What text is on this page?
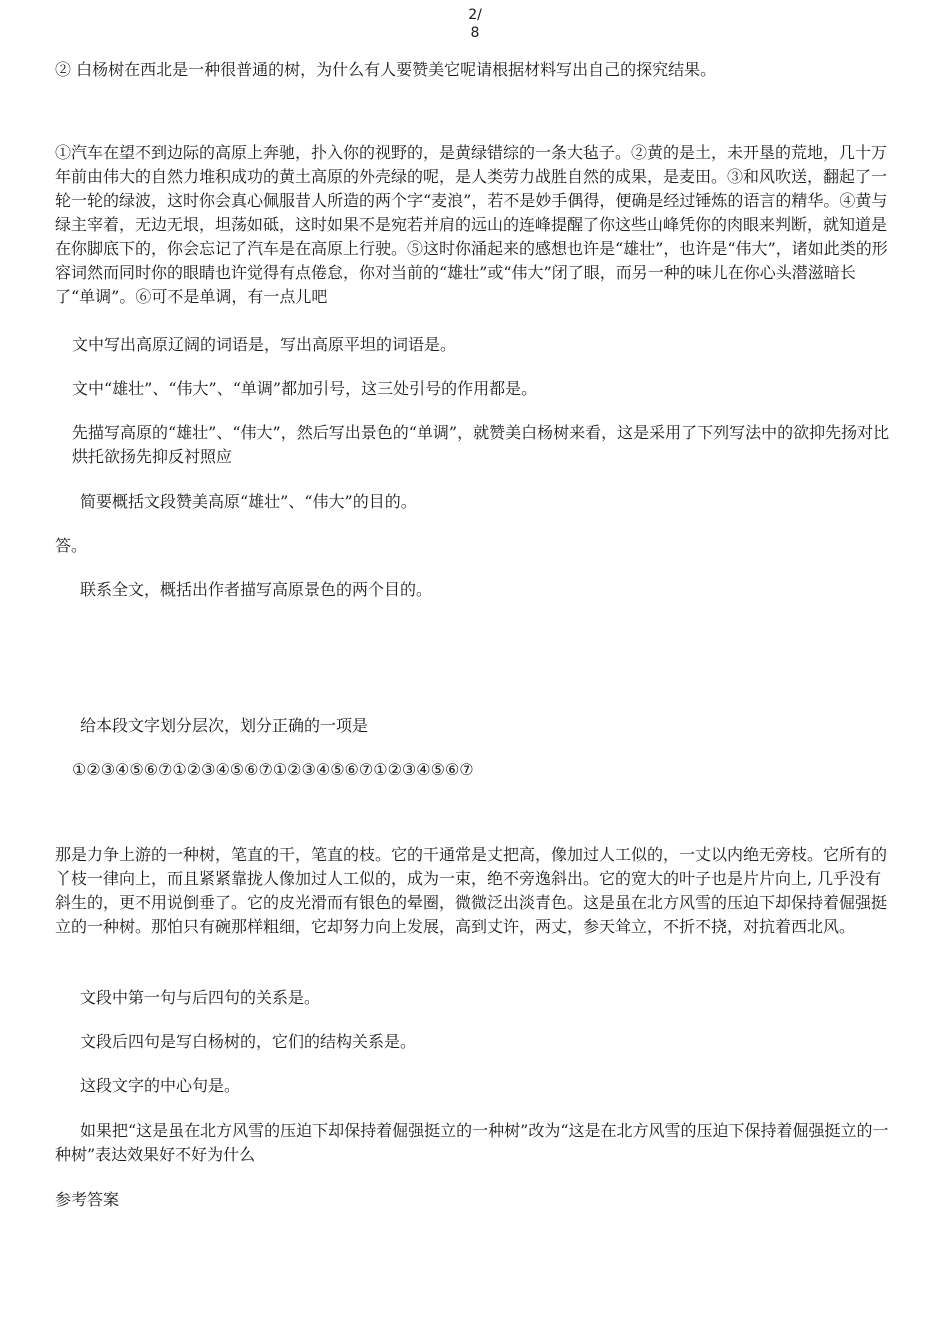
2/
8
② 白杨树在西北是一种很普通的树，为什么有人要赞美它呢请根据材料写出自己的探究结果。
①汽车在望不到边际的高原上奔驰，扑入你的视野的，是黄绿错综的一条大毡子。②黄的是土，未开垦的荒地，几十万年前由伟大的自然力堆积成功的黄土高原的外壳绿的呢，是人类劳力战胜自然的成果，是麦田。③和风吹送，翻起了一轮一轮的绿波，这时你会真心佩服昔人所造的两个字“麦浪”，若不是妙手偶得，便确是经过锤炼的语言的精华。④黄与绿主宰着，无边无垠，坦荡如砥，这时如果不是宛若并肩的远山的连峰提醒了你这些山峰凭你的肉眼来判断，就知道是在你脚底下的，你会忘记了汽车是在高原上行驶。⑤这时你涌起来的感想也许是“雄壮”，也许是“伟大”，诸如此类的形容词然而同时你的眼睛也许觉得有点倦怠，你对当前的“雄壮”或“伟大”闭了眼，而另一种的味儿在你心头潜滋暗长了“单调”。⑥可不是单调，有一点儿吧
文中写出高原辽阔的词语是，写出高原平坦的词语是。
文中“雄壮”、“伟大”、“单调”都加引号，这三处引号的作用都是。
先描写高原的“雄壮”、“伟大”，然后写出景色的“单调”，就赞美白杨树来看，这是采用了下列写法中的欲抑先扬对比烘托欲扬先抑反衬照应
简要概括文段赞美高原“雄壮”、“伟大”的目的。
答。
联系全文，概括出作者描写高原景色的两个目的。
给本段文字划分层次，划分正确的一项是
①②③④⑤⑥⑦①②③④⑤⑥⑦①②③④⑤⑥⑦①②③④⑤⑥⑦
那是力争上游的一种树，笔直的干，笔直的枝。它的干通常是丈把高，像加过人工似的，一丈以内绝无旁枝。它所有的丫枝一律向上，而且紧紧靠拢人像加过人工似的，成为一束，绝不旁逸斜出。它的宽大的叶子也是片片向上, 几乎没有斜生的，更不用说倒垂了。它的皮光滑而有银色的晕圈，微微泛出淡青色。这是虽在北方风雪的压迫下却保持着倔强挺立的一种树。那怕只有碗那样粗细，它却努力向上发展，高到丈许，两丈，参天耸立，不折不挠，对抗着西北风。
文段中第一句与后四句的关系是。
文段后四句是写白杨树的，它们的结构关系是。
这段文字的中心句是。
如果把“这是虽在北方风雪的压迫下却保持着倔强挺立的一种树”改为“这是在北方风雪的压迫下保持着倔强挺立的一种树”表达效果好不好为什么
参考答案
